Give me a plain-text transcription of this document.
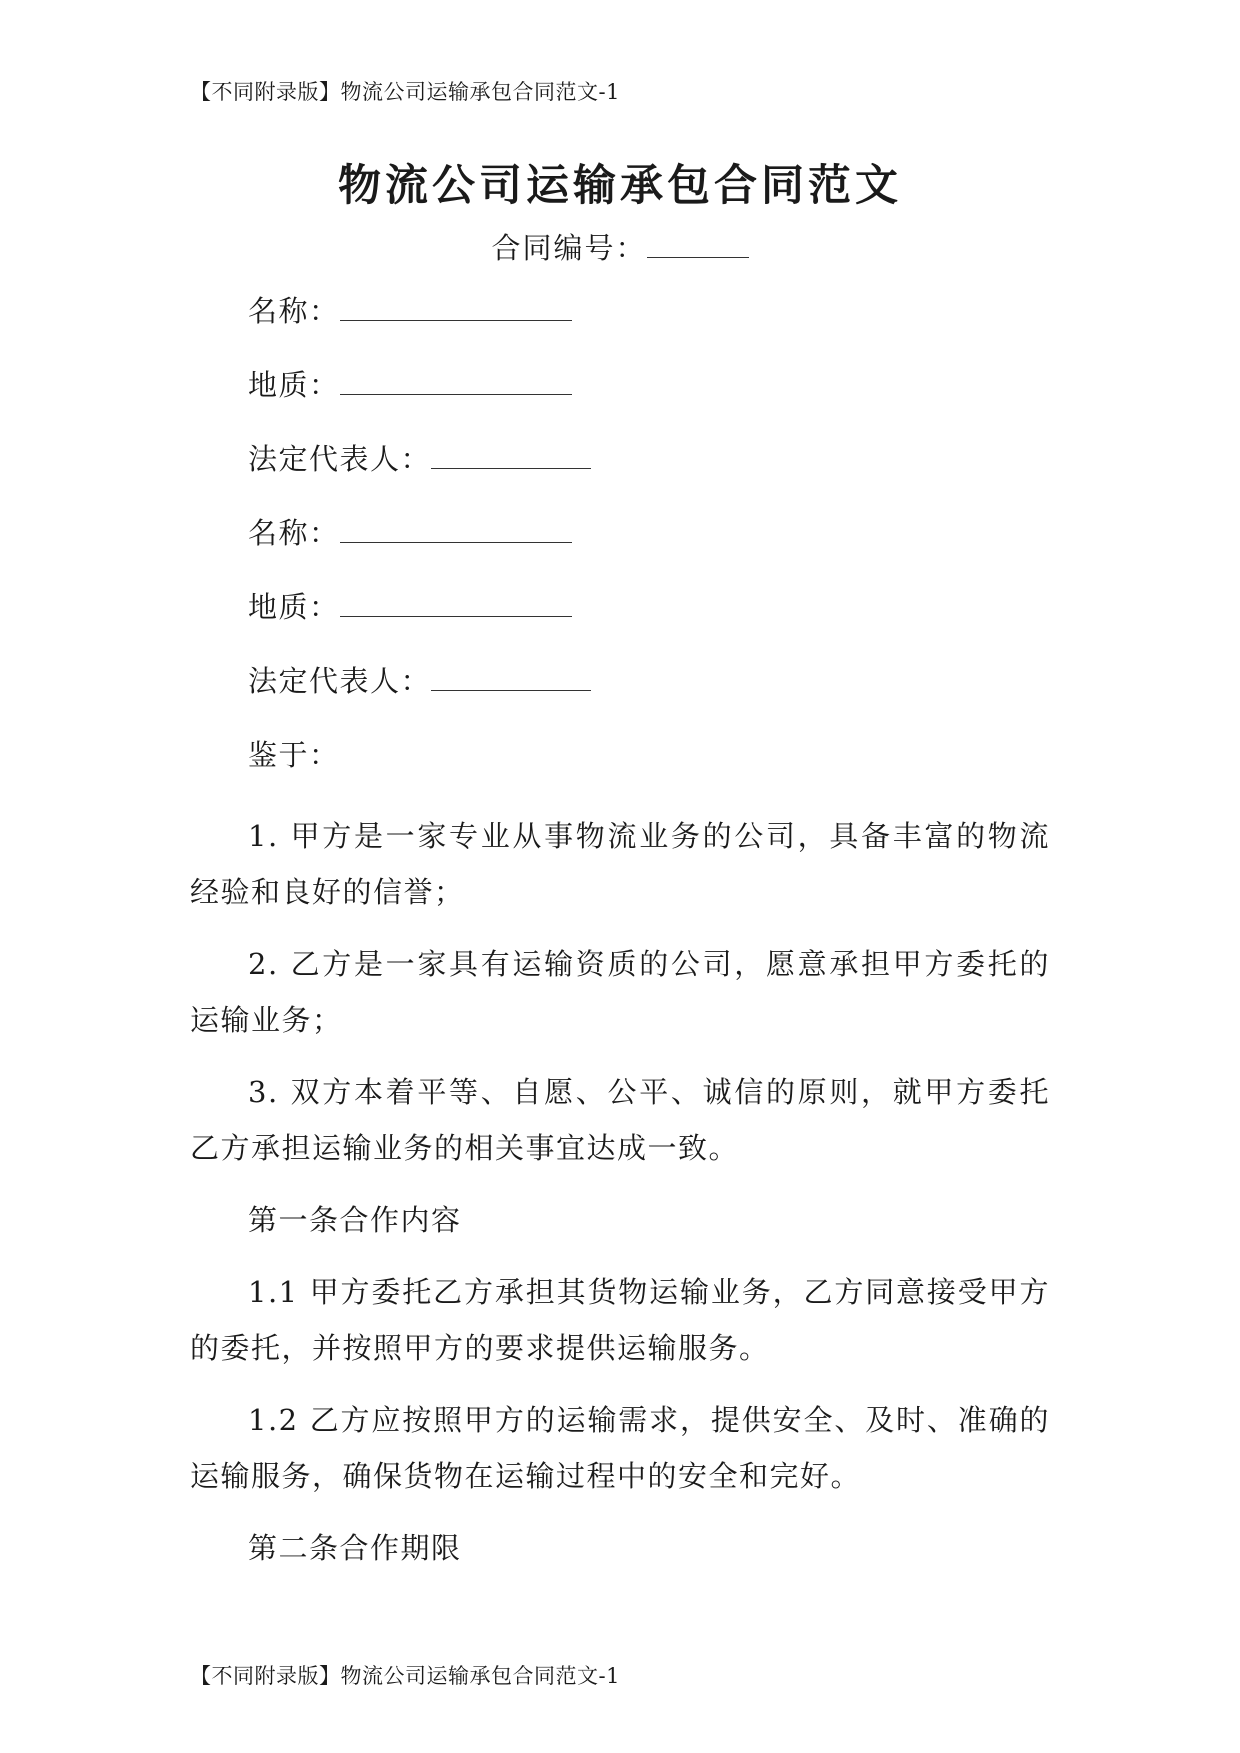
【不同附录版】物流公司运输承包合同范文-1
物流公司运输承包合同范文
合同编号：
名称：
地质：
法定代表人：
名称：
地质：
法定代表人：
鉴于：

1. 甲方是一家专业从事物流业务的公司，具备丰富的物流经验和良好的信誉；

2. 乙方是一家具有运输资质的公司，愿意承担甲方委托的运输业务；

3. 双方本着平等、自愿、公平、诚信的原则，就甲方委托乙方承担运输业务的相关事宜达成一致。

第一条合作内容

1.1 甲方委托乙方承担其货物运输业务，乙方同意接受甲方的委托，并按照甲方的要求提供运输服务。

1.2 乙方应按照甲方的运输需求，提供安全、及时、准确的运输服务，确保货物在运输过程中的安全和完好。

第二条合作期限
【不同附录版】物流公司运输承包合同范文-1
